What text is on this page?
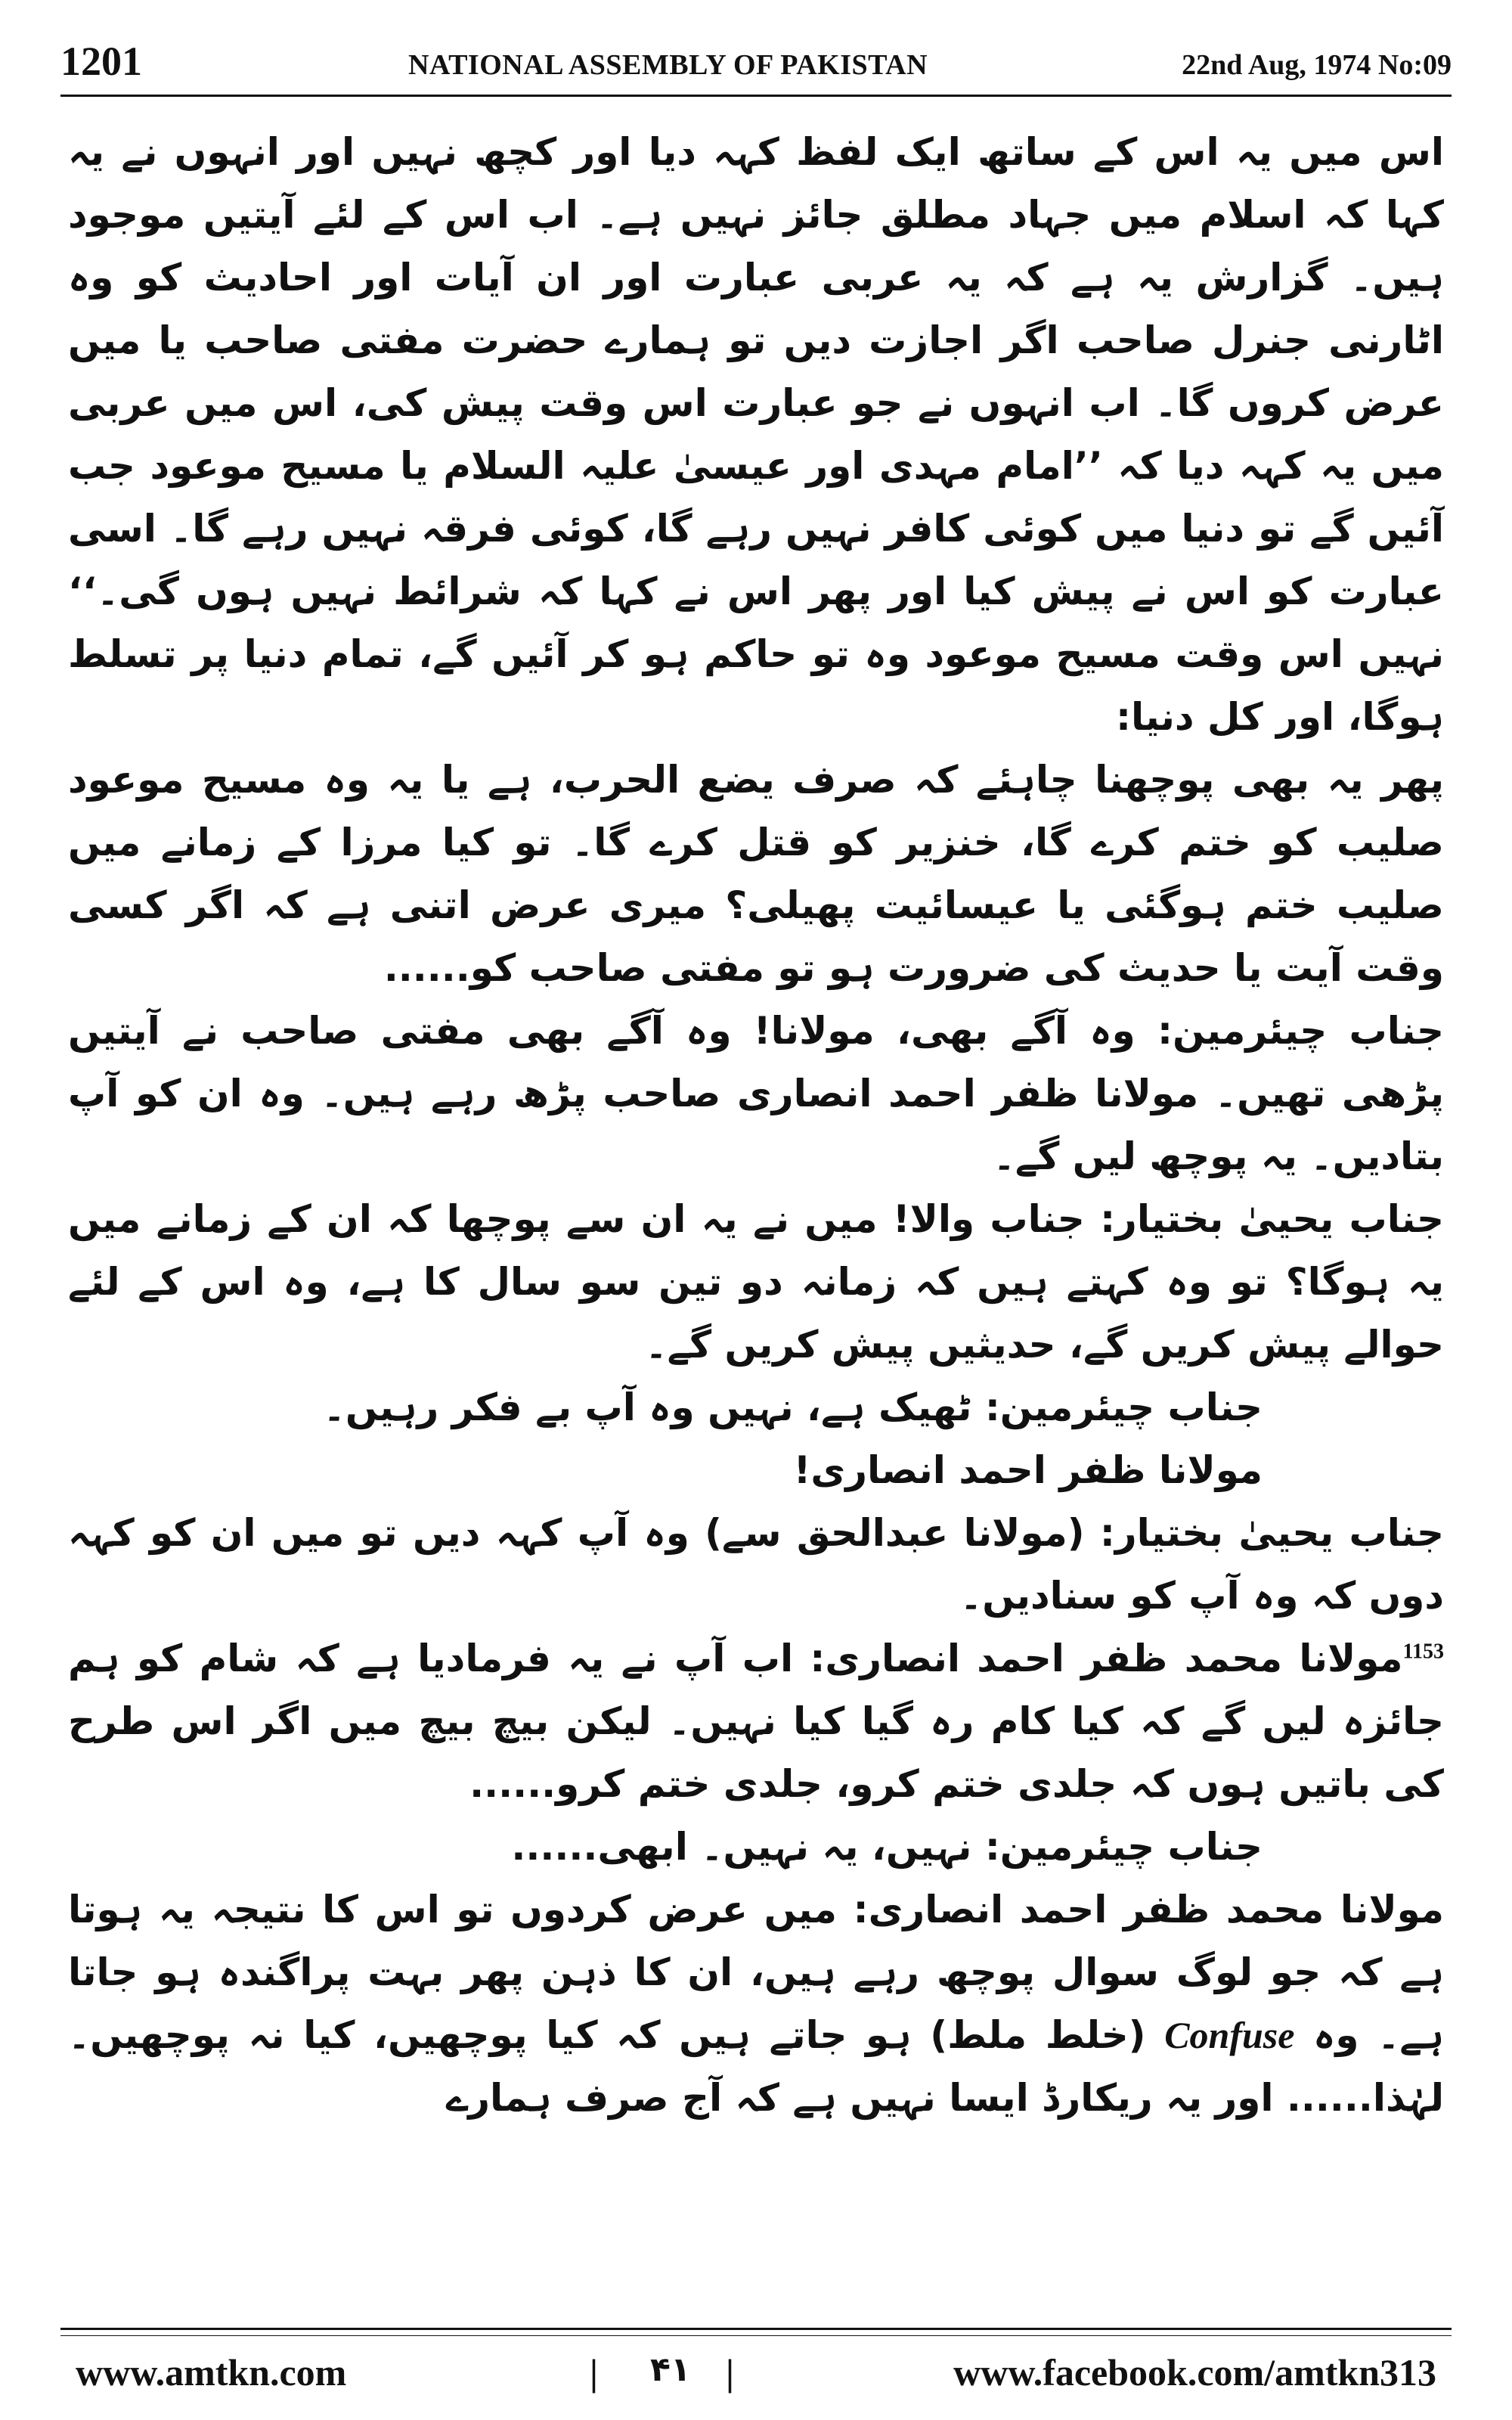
1201	NATIONAL ASSEMBLY OF PAKISTAN	22nd Aug, 1974 No:09

اس میں یہ اس کے ساتھ ایک لفظ کہہ دیا اور کچھ نہیں اور انہوں نے یہ کہا کہ اسلام میں جہاد مطلق جائز نہیں ہے۔ اب اس کے لئے آیتیں موجود ہیں۔ گزارش یہ ہے کہ یہ عربی عبارت اور ان آیات اور احادیث کو وہ اٹارنی جنرل صاحب اگر اجازت دیں تو ہمارے حضرت مفتی صاحب یا میں عرض کروں گا۔ اب انہوں نے جو عبارت اس وقت پیش کی، اس میں عربی میں یہ کہہ دیا کہ ’’امام مہدی اور عیسیٰ علیہ السلام یا مسیح موعود جب آئیں گے تو دنیا میں کوئی کافر نہیں رہے گا، کوئی فرقہ نہیں رہے گا۔ اسی عبارت کو اس نے پیش کیا اور پھر اس نے کہا کہ شرائط نہیں ہوں گی۔‘‘ نہیں اس وقت مسیح موعود وہ تو حاکم ہو کر آئیں گے، تمام دنیا پر تسلط ہوگا، اور کل دنیا:

پھر یہ بھی پوچھنا چاہئے کہ صرف یضع الحرب، ہے یا یہ وہ مسیح موعود صلیب کو ختم کرے گا، خنزیر کو قتل کرے گا۔ تو کیا مرزا کے زمانے میں صلیب ختم ہوگئی یا عیسائیت پھیلی؟ میری عرض اتنی ہے کہ اگر کسی وقت آیت یا حدیث کی ضرورت ہو تو مفتی صاحب کو......

جناب چیئرمین: وہ آگے بھی، مولانا! وہ آگے بھی مفتی صاحب نے آیتیں پڑھی تھیں۔ مولانا ظفر احمد انصاری صاحب پڑھ رہے ہیں۔ وہ ان کو آپ بتادیں۔ یہ پوچھ لیں گے۔

جناب یحییٰ بختیار: جناب والا! میں نے یہ ان سے پوچھا کہ ان کے زمانے میں یہ ہوگا؟ تو وہ کہتے ہیں کہ زمانہ دو تین سو سال کا ہے، وہ اس کے لئے حوالے پیش کریں گے، حدیثیں پیش کریں گے۔

جناب چیئرمین: ٹھیک ہے، نہیں وہ آپ بے فکر رہیں۔

مولانا ظفر احمد انصاری!

جناب یحییٰ بختیار: (مولانا عبدالحق سے) وہ آپ کہہ دیں تو میں ان کو کہہ دوں کہ وہ آپ کو سنادیں۔

$^{1153}$مولانا محمد ظفر احمد انصاری: اب آپ نے یہ فرمادیا ہے کہ شام کو ہم جائزہ لیں گے کہ کیا کام رہ گیا کیا نہیں۔ لیکن بیچ بیچ میں اگر اس طرح کی باتیں ہوں کہ جلدی ختم کرو، جلدی ختم کرو......

جناب چیئرمین: نہیں، یہ نہیں۔ ابھی......

مولانا محمد ظفر احمد انصاری: میں عرض کردوں تو اس کا نتیجہ یہ ہوتا ہے کہ جو لوگ سوال پوچھ رہے ہیں، ان کا ذہن پھر بہت پراگندہ ہو جاتا ہے۔ وہ Confuse (خلط ملط) ہو جاتے ہیں کہ کیا پوچھیں، کیا نہ پوچھیں۔ لہٰذا...... اور یہ ریکارڈ ایسا نہیں ہے کہ آج صرف ہمارے

www.amtkn.com	| ۴۱ |	www.facebook.com/amtkn313
